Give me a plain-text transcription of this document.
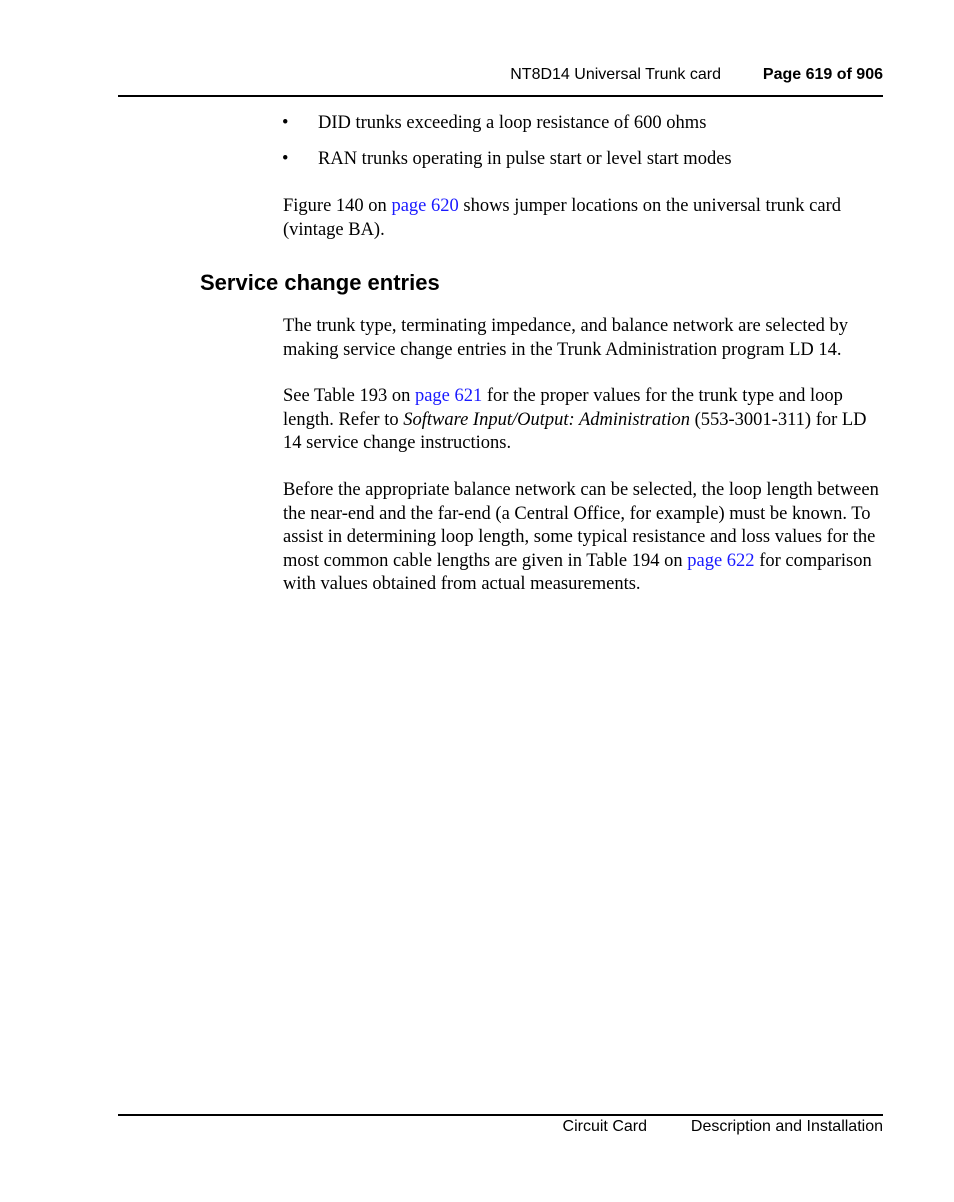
NT8D14 Universal Trunk card	Page 619 of 906
• DID trunks exceeding a loop resistance of 600 ohms
• RAN trunks operating in pulse start or level start modes

Figure 140 on page 620 shows jumper locations on the universal trunk card (vintage BA).

Service change entries

The trunk type, terminating impedance, and balance network are selected by making service change entries in the Trunk Administration program LD 14.

See Table 193 on page 621 for the proper values for the trunk type and loop length. Refer to Software Input/Output: Administration (553-3001-311) for LD 14 service change instructions.

Before the appropriate balance network can be selected, the loop length between the near-end and the far-end (a Central Office, for example) must be known. To assist in determining loop length, some typical resistance and loss values for the most common cable lengths are given in Table 194 on page 622 for comparison with values obtained from actual measurements.

Circuit Card	Description and Installation
